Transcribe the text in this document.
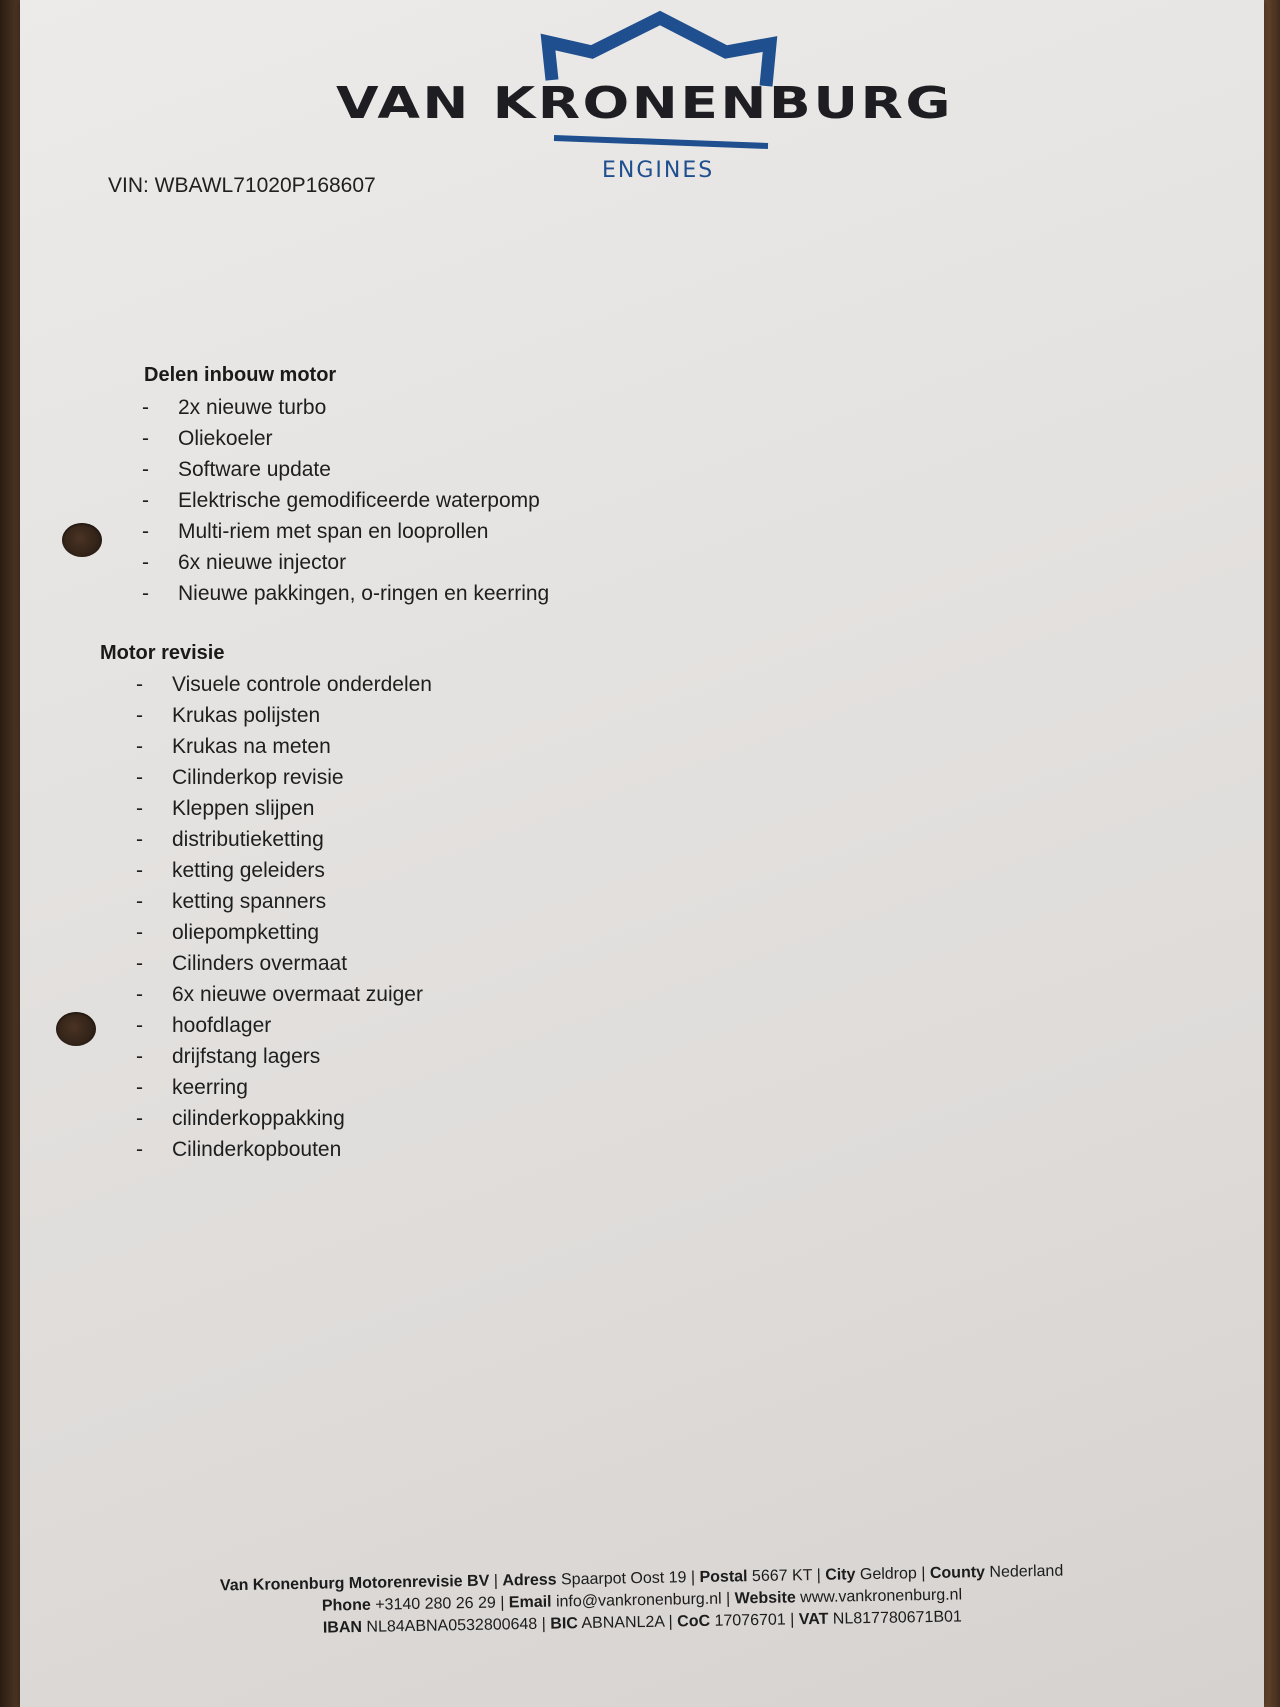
VAN KRONENBURG
ENGINES
VIN: WBAWL71020P168607
Delen inbouw motor
- 2x nieuwe turbo
- Oliekoeler
- Software update
- Elektrische gemodificeerde waterpomp
- Multi-riem met span en looprollen
- 6x nieuwe injector
- Nieuwe pakkingen, o-ringen en keerring
Motor revisie
- Visuele controle onderdelen
- Krukas polijsten
- Krukas na meten
- Cilinderkop revisie
- Kleppen slijpen
- distributieketting
- ketting geleiders
- ketting spanners
- oliepompketting
- Cilinders overmaat
- 6x nieuwe overmaat zuiger
- hoofdlager
- drijfstang lagers
- keerring
- cilinderkoppakking
- Cilinderkopbouten
Van Kronenburg Motorenrevisie BV | Adress Spaarpot Oost 19 | Postal 5667 KT | City Geldrop | County Nederland
Phone +3140 280 26 29 | Email info@vankronenburg.nl | Website www.vankronenburg.nl
IBAN NL84ABNA0532800648 | BIC ABNANL2A | CoC 17076701 | VAT NL817780671B01
